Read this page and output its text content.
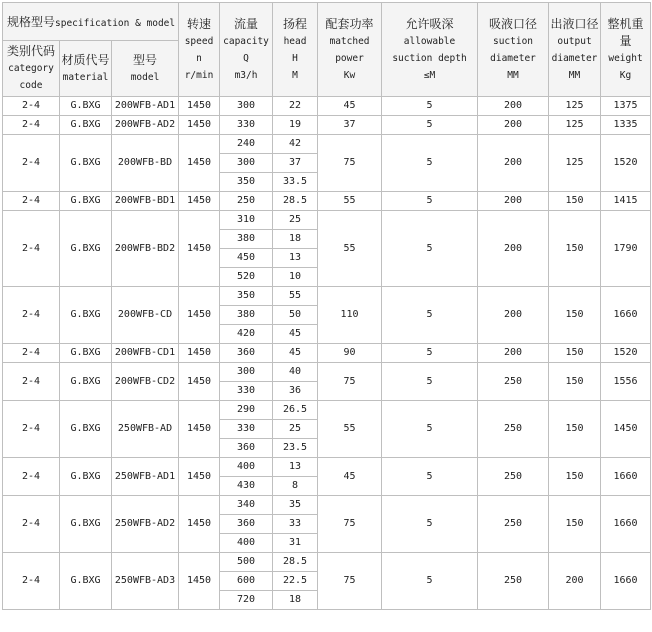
规格型号specification & model			转速
speed
n
r/min	流量
capacity
Q
m3/h	扬程
head
H
M	配套功率
matched
power
Kw	允许吸深
allowable
suction depth
≤M	吸液口径
suction
diameter
MM	出液口径
output
diameter
MM	整机重
量
weight
Kg

类别代码
category
code	材质代号
material	型号
model								

2-4	G.BXG	200WFB-AD1	1450	300	22	45	5	200	125	1375
2-4	G.BXG	200WFB-AD2	1450	330	19	37	5	200	125	1335
2-4	G.BXG	200WFB-BD	1450	240	42	75	5	200	125	1520
				300	37					
				350	33.5					
2-4	G.BXG	200WFB-BD1	1450	250	28.5	55	5	200	150	1415
2-4	G.BXG	200WFB-BD2	1450	310	25	55	5	200	150	1790
				380	18					
				450	13					
				520	10					
2-4	G.BXG	200WFB-CD	1450	350	55	110	5	200	150	1660
				380	50					
				420	45					
2-4	G.BXG	200WFB-CD1	1450	360	45	90	5	200	150	1520
2-4	G.BXG	200WFB-CD2	1450	300	40	75	5	250	150	1556
				330	36					
2-4	G.BXG	250WFB-AD	1450	290	26.5	55	5	250	150	1450
				330	25					
				360	23.5					
2-4	G.BXG	250WFB-AD1	1450	400	13	45	5	250	150	1660
				430	8					
2-4	G.BXG	250WFB-AD2	1450	340	35	75	5	250	150	1660
				360	33					
				400	31					
2-4	G.BXG	250WFB-AD3	1450	500	28.5	75	5	250	200	1660
				600	22.5					
				720	18					
